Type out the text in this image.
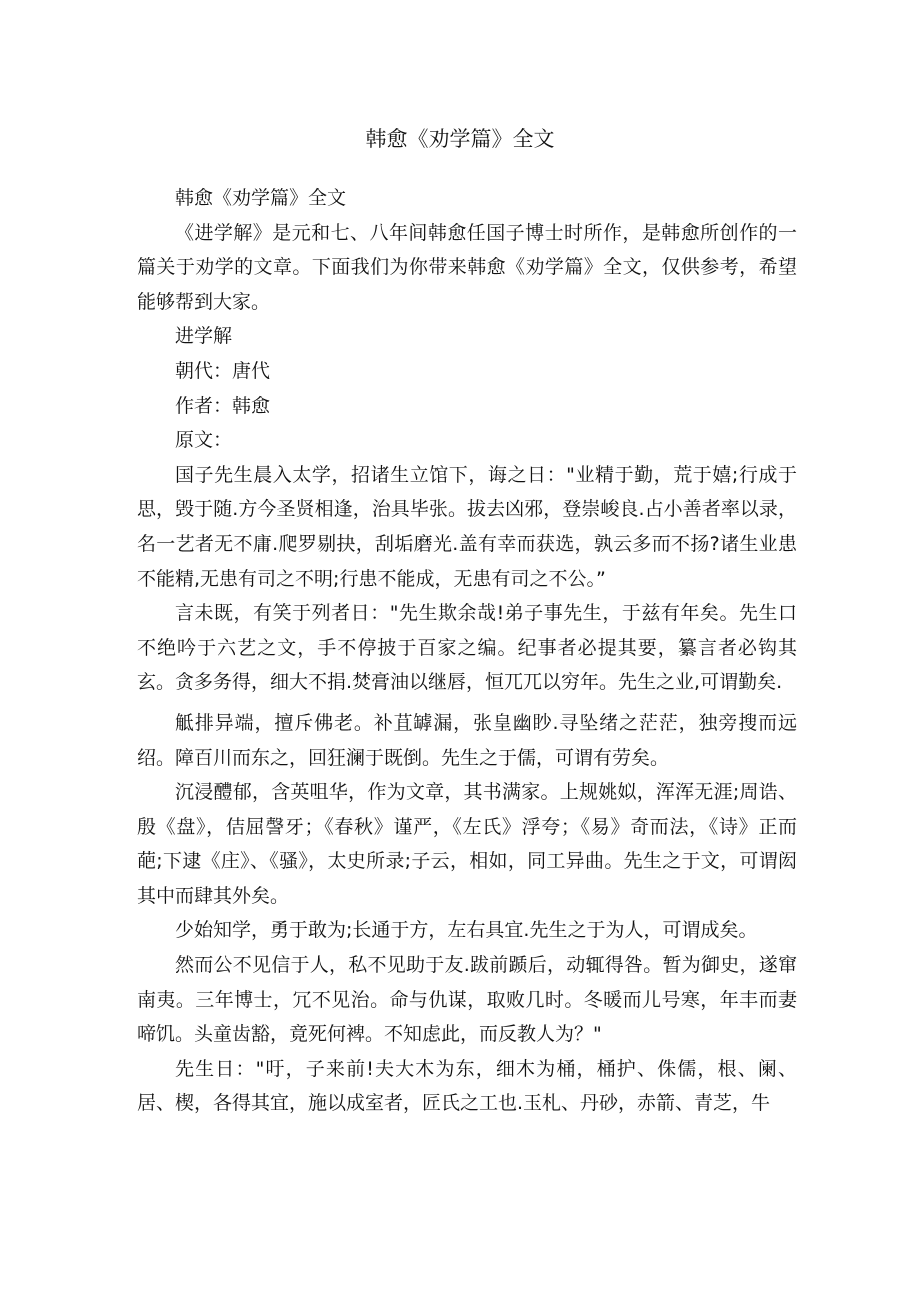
韩愈《劝学篇》全文

韩愈《劝学篇》全文

《进学解》是元和七、八年间韩愈任国子博士时所作，是韩愈所创作的一篇关于劝学的文章。下面我们为你带来韩愈《劝学篇》全文，仅供参考，希望能够帮到大家。

进学解

朝代：唐代

作者：韩愈

原文：

国子先生晨入太学，招诸生立馆下，诲之日："业精于勤，荒于嬉;行成于思，毁于随.方今圣贤相逢，治具毕张。拔去凶邪，登崇峻良.占小善者率以录，名一艺者无不庸.爬罗剔抉，刮垢磨光.盖有幸而获选，孰云多而不扬?诸生业患不能精,无患有司之不明;行患不能成，无患有司之不公。”

言未既，有笑于列者日："先生欺余哉!弟子事先生，于兹有年矣。先生口不绝吟于六艺之文，手不停披于百家之编。纪事者必提其要，纂言者必钩其玄。贪多务得，细大不捐.焚膏油以继唇，恒兀兀以穷年。先生之业,可谓勤矣.

觝排异端，擅斥佛老。补苴罅漏，张皇幽眇.寻坠绪之茫茫，独旁搜而远绍。障百川而东之，回狂澜于既倒。先生之于儒，可谓有劳矣。

沉浸醴郁，含英咀华，作为文章，其书满家。上规姚姒，浑浑无涯;周诰、殷《盘》，佶屈謦牙；《春秋》谨严，《左氏》浮夸；《易》奇而法，《诗》正而葩;下逮《庄》、《骚》，太史所录;子云，相如，同工异曲。先生之于文，可谓闳其中而肆其外矣。

少始知学，勇于敢为;长通于方，左右具宜.先生之于为人，可谓成矣。

然而公不见信于人，私不见助于友.跋前踬后，动辄得咎。暂为御史，遂窜南夷。三年博士，冗不见治。命与仇谋，取败几时。冬暖而儿号寒，年丰而妻啼饥。头童齿豁，竟死何裨。不知虑此，而反教人为？"

先生日："吁，子来前!夫大木为东，细木为桶，桶护、侏儒，根、阑、居、楔，各得其宜，施以成室者，匠氏之工也.玉札、丹砂，赤箭、青芝，牛
